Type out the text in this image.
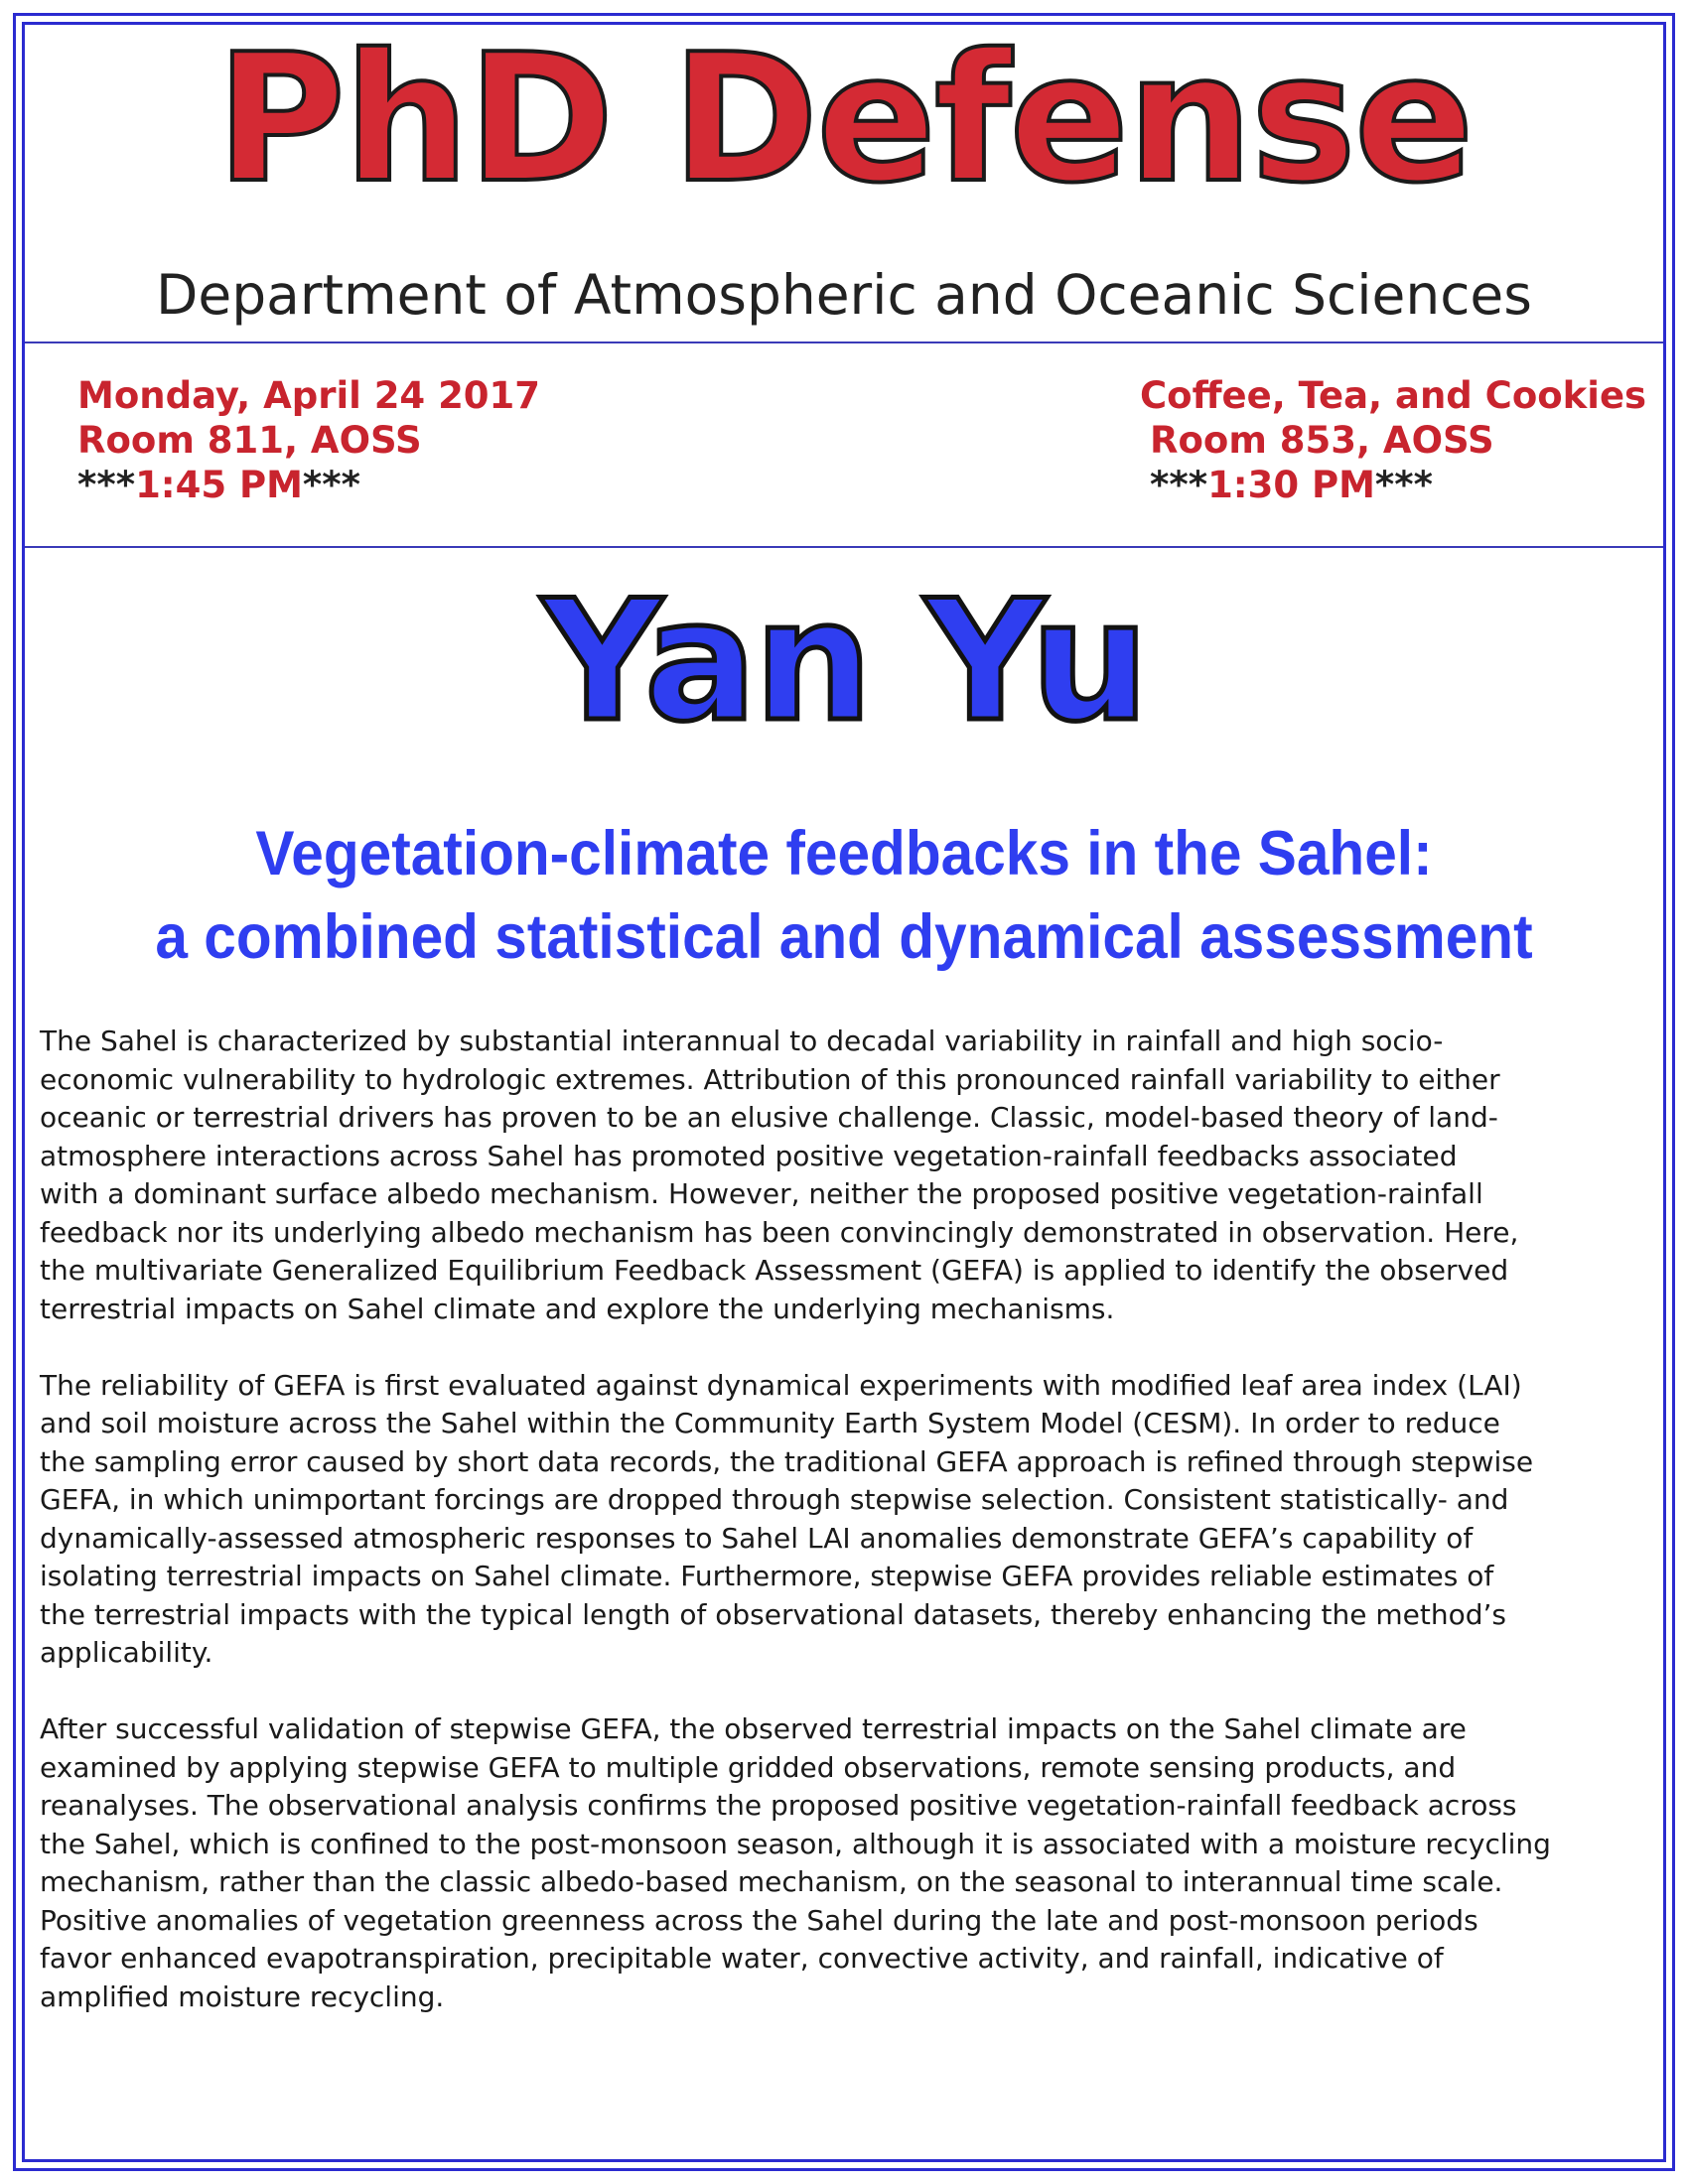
PhD Defense
Department of Atmospheric and Oceanic Sciences
Monday, April 24 2017
Room 811, AOSS
***1:45 PM***
Coffee, Tea, and Cookies
Room 853, AOSS
***1:30 PM***
Yan Yu
Vegetation-climate feedbacks in the Sahel:
a combined statistical and dynamical assessment

The Sahel is characterized by substantial interannual to decadal variability in rainfall and high socio-
economic vulnerability to hydrologic extremes. Attribution of this pronounced rainfall variability to either
oceanic or terrestrial drivers has proven to be an elusive challenge. Classic, model-based theory of land-
atmosphere interactions across Sahel has promoted positive vegetation-rainfall feedbacks associated
with a dominant surface albedo mechanism. However, neither the proposed positive vegetation-rainfall
feedback nor its underlying albedo mechanism has been convincingly demonstrated in observation. Here,
the multivariate Generalized Equilibrium Feedback Assessment (GEFA) is applied to identify the observed
terrestrial impacts on Sahel climate and explore the underlying mechanisms.

The reliability of GEFA is first evaluated against dynamical experiments with modified leaf area index (LAI)
and soil moisture across the Sahel within the Community Earth System Model (CESM). In order to reduce
the sampling error caused by short data records, the traditional GEFA approach is refined through stepwise
GEFA, in which unimportant forcings are dropped through stepwise selection. Consistent statistically- and
dynamically-assessed atmospheric responses to Sahel LAI anomalies demonstrate GEFA’s capability of
isolating terrestrial impacts on Sahel climate. Furthermore, stepwise GEFA provides reliable estimates of
the terrestrial impacts with the typical length of observational datasets, thereby enhancing the method’s
applicability.

After successful validation of stepwise GEFA, the observed terrestrial impacts on the Sahel climate are
examined by applying stepwise GEFA to multiple gridded observations, remote sensing products, and
reanalyses. The observational analysis confirms the proposed positive vegetation-rainfall feedback across
the Sahel, which is confined to the post-monsoon season, although it is associated with a moisture recycling
mechanism, rather than the classic albedo-based mechanism, on the seasonal to interannual time scale.
Positive anomalies of vegetation greenness across the Sahel during the late and post-monsoon periods
favor enhanced evapotranspiration, precipitable water, convective activity, and rainfall, indicative of
amplified moisture recycling.
